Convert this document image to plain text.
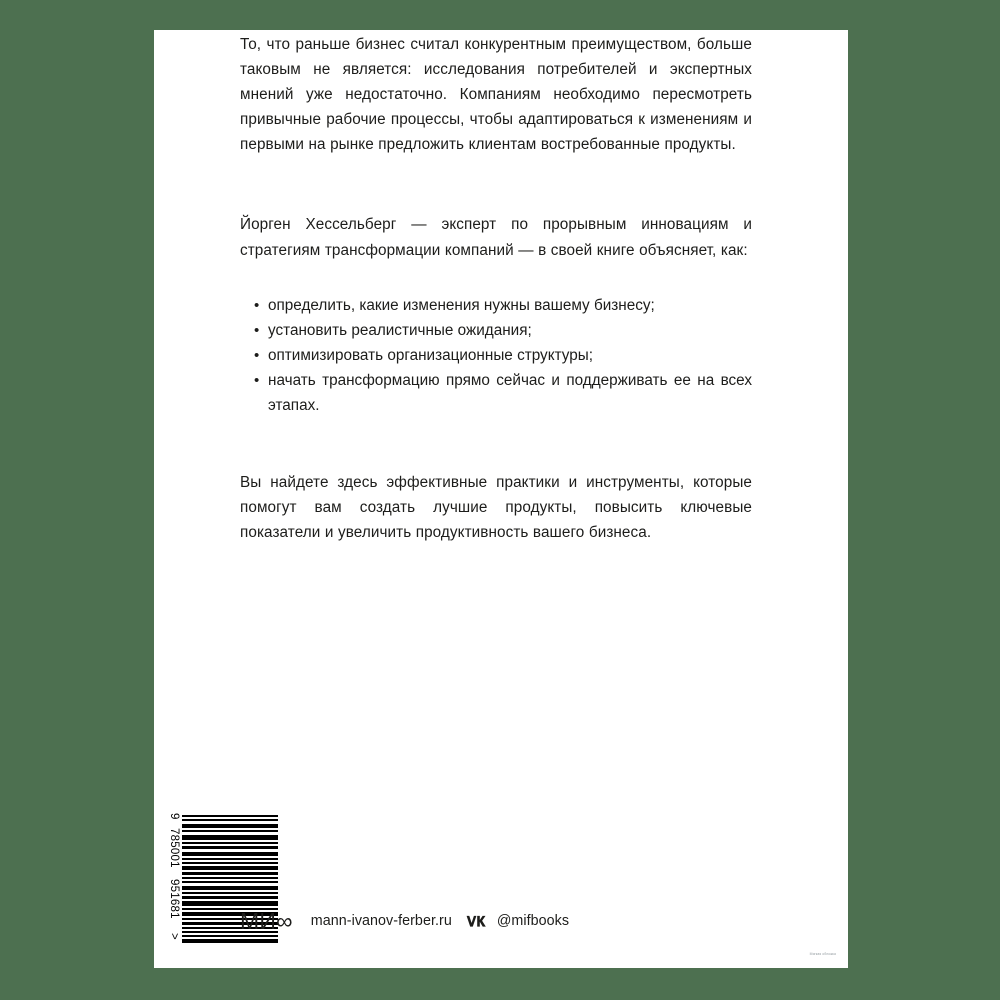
То, что раньше бизнес считал конкурентным преимуществом, больше таковым не является: исследования потребителей и экспертных мнений уже недостаточно. Компаниям необходимо пересмотреть привычные рабочие процессы, чтобы адаптироваться к изменениям и первыми на рынке предложить клиентам востребованные продукты.

Йорген Хессельберг — эксперт по прорывным инновациям и стратегиям трансформации компаний — в своей книге объясняет, как:

• определить, какие изменения нужны вашему бизнесу;
• установить реалистичные ожидания;
• оптимизировать организационные структуры;
• начать трансформацию прямо сейчас и поддерживать ее на всех этапах.

Вы найдете здесь эффективные практики и инструменты, которые помогут вам создать лучшие продукты, повысить ключевые показатели и увеличить продуктивность вашего бизнеса.

9
785001
951681
>
МИ∞ mann-ivanov-ferber.ru	@mifbooks
Мягкая обложка
